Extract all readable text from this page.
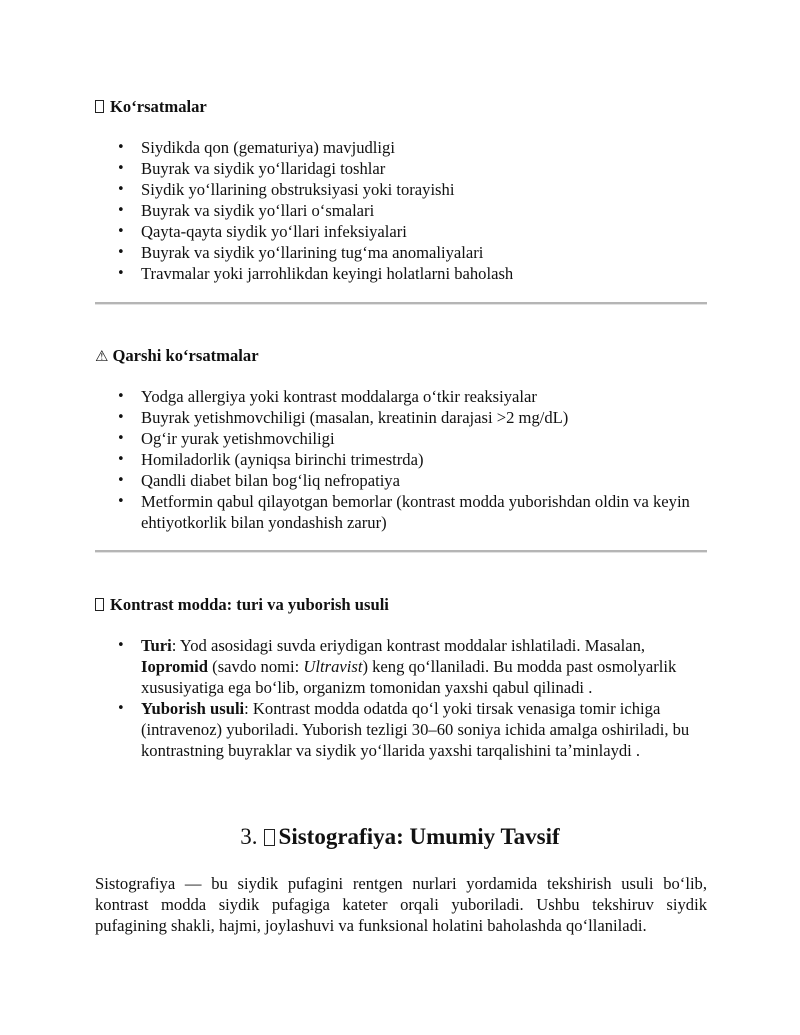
Koʻrsatmalar
• Siydikda qon (gematuriya) mavjudligi
• Buyrak va siydik yoʻllaridagi toshlar
• Siydik yoʻllarining obstruksiyasi yoki torayishi
• Buyrak va siydik yoʻllari oʻsmalari
• Qayta-qayta siydik yoʻllari infeksiyalari
• Buyrak va siydik yoʻllarining tugʻma anomaliyalari
• Travmalar yoki jarrohlikdan keyingi holatlarni baholash
⚠ Qarshi koʻrsatmalar
• Yodga allergiya yoki kontrast moddalarga oʻtkir reaksiyalar
• Buyrak yetishmovchiligi (masalan, kreatinin darajasi >2 mg/dL)
• Ogʻir yurak yetishmovchiligi
• Homiladorlik (ayniqsa birinchi trimestrda)
• Qandli diabet bilan bogʻliq nefropatiya
• Metformin qabul qilayotgan bemorlar (kontrast modda yuborishdan oldin va keyin ehtiyotkorlik bilan yondashish zarur)
Kontrast modda: turi va yuborish usuli
• Turi: Yod asosidagi suvda eriydigan kontrast moddalar ishlatiladi. Masalan, Iopromid (savdo nomi: Ultravist) keng qoʻllaniladi. Bu modda past osmolyarlik xususiyatiga ega boʻlib, organizm tomonidan yaxshi qabul qilinadi .
• Yuborish usuli: Kontrast modda odatda qoʻl yoki tirsak venasiga tomir ichiga (intravenoz) yuboriladi. Yuborish tezligi 30–60 soniya ichida amalga oshiriladi, bu kontrastning buyraklar va siydik yoʻllarida yaxshi tarqalishini taʼminlaydi .
3. Sistografiya: Umumiy Tavsif

Sistografiya — bu siydik pufagini rentgen nurlari yordamida tekshirish usuli boʻlib, kontrast modda siydik pufagiga kateter orqali yuboriladi. Ushbu tekshiruv siydik pufagining shakli, hajmi, joylashuvi va funksional holatini baholashda qoʻllaniladi.
